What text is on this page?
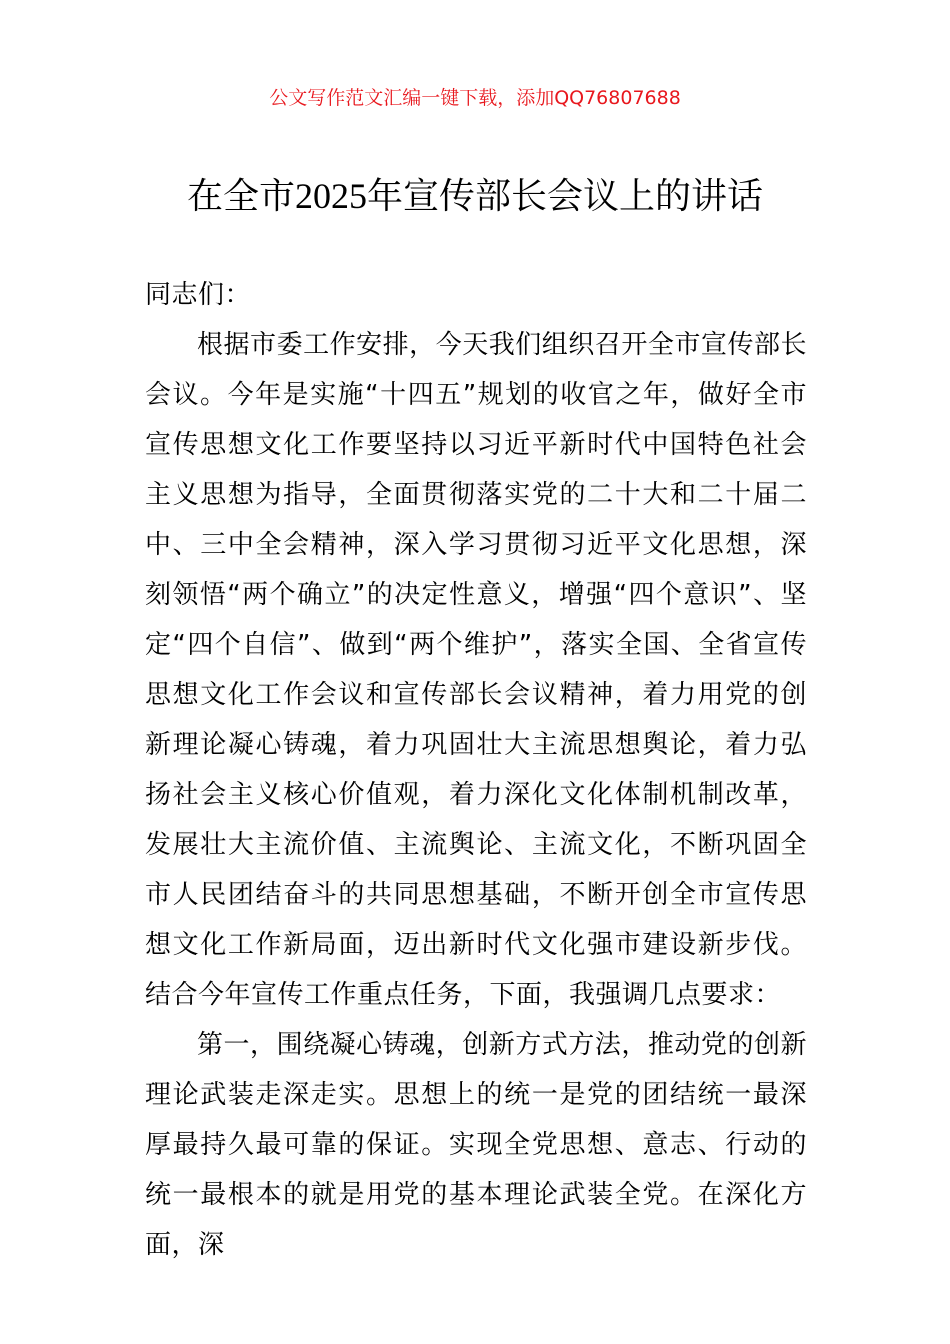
公文写作范文汇编一键下载，添加QQ76807688
在全市2025年宣传部长会议上的讲话

同志们：

根据市委工作安排，今天我们组织召开全市宣传部长会议。今年是实施“十四五”规划的收官之年，做好全市宣传思想文化工作要坚持以习近平新时代中国特色社会主义思想为指导，全面贯彻落实党的二十大和二十届二中、三中全会精神，深入学习贯彻习近平文化思想，深刻领悟“两个确立”的决定性意义，增强“四个意识”、坚定“四个自信”、做到“两个维护”，落实全国、全省宣传思想文化工作会议和宣传部长会议精神，着力用党的创新理论凝心铸魂，着力巩固壮大主流思想舆论，着力弘扬社会主义核心价值观，着力深化文化体制机制改革，发展壮大主流价值、主流舆论、主流文化，不断巩固全市人民团结奋斗的共同思想基础，不断开创全市宣传思想文化工作新局面，迈出新时代文化强市建设新步伐。结合今年宣传工作重点任务，下面，我强调几点要求：

第一，围绕凝心铸魂，创新方式方法，推动党的创新理论武装走深走实。思想上的统一是党的团结统一最深厚最持久最可靠的保证。实现全党思想、意志、行动的统一最根本的就是用党的基本理论武装全党。在深化方面，深
